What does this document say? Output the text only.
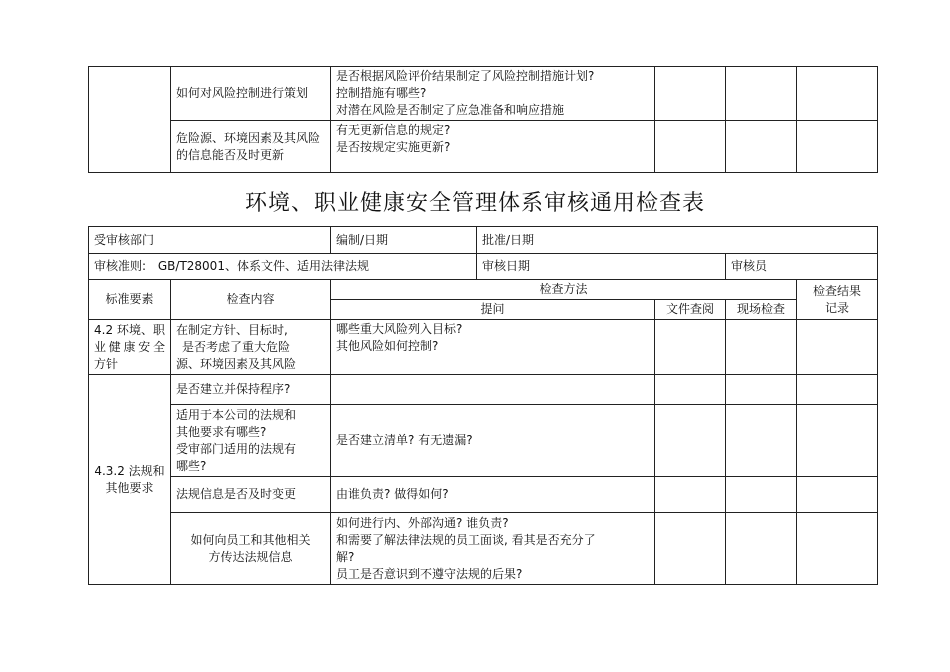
	如何对风险控制进行策划	是否根据风险评价结果制定了风险控制措施计划?
控制措施有哪些?
对潜在风险是否制定了应急准备和响应措施			

	危险源、环境因素及其风险的信息能否及时更新	有无更新信息的规定?
是否按规定实施更新?			

环境、职业健康安全管理体系审核通用检查表
受审核部门		编制/日期	批准/日期			

审核准则: GB/T28001、体系文件、适用法律法规			审核日期		审核员	
标准要素	检查内容	检查方法				检查结果
记录

		提问		文件查阅	现场检查	
4.2 环境、职业健康安全方针	在制定方针、目标时,
是否考虑了重大危险
源、环境因素及其风险	哪些重大风险列入目标?
其他风险如何控制?				

4.3.2 法规和其他要求	是否建立并保持程序?					

	适用于本公司的法规和
其他要求有哪些?
受审部门适用的法规有
哪些?	是否建立清单? 有无遗漏?				
	法规信息是否及时变更	由谁负责? 做得如何?				

	如何向员工和其他相关
方传达法规信息	如何进行内、外部沟通? 谁负责?
和需要了解法律法规的员工面谈, 看其是否充分了
解?
员工是否意识到不遵守法规的后果?				
